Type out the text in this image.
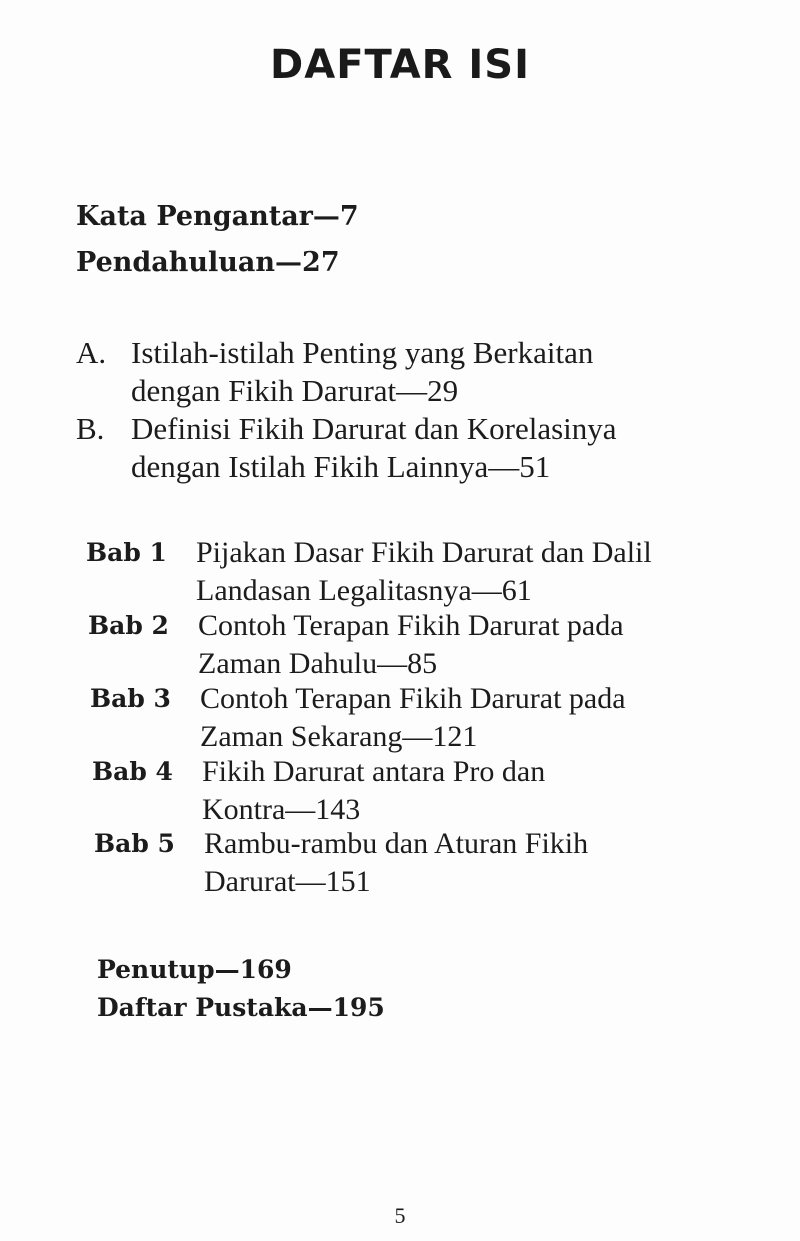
DAFTAR ISI
Kata Pengantar—7
Pendahuluan—27
A. Istilah-istilah Penting yang Berkaitan
dengan Fikih Darurat—29
B. Definisi Fikih Darurat dan Korelasinya
dengan Istilah Fikih Lainnya—51
Bab 1 Pijakan Dasar Fikih Darurat dan Dalil
Landasan Legalitasnya—61
Bab 2 Contoh Terapan Fikih Darurat pada
Zaman Dahulu—85
Bab 3 Contoh Terapan Fikih Darurat pada
Zaman Sekarang—121
Bab 4 Fikih Darurat antara Pro dan
Kontra—143
Bab 5 Rambu-rambu dan Aturan Fikih
Darurat—151
Penutup—169
Daftar Pustaka—195
5
